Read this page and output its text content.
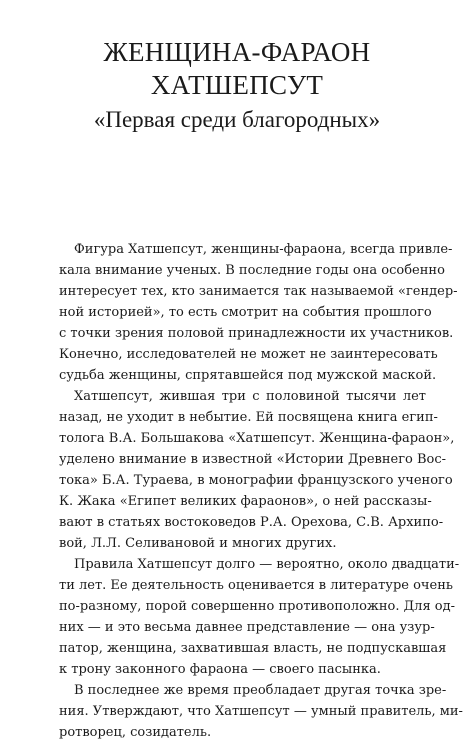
ЖЕНЩИНА-ФАРАОН
ХАТШЕПСУТ
«Первая среди благородных»

Фигура Хатшепсут, женщины-фараона, всегда привле-
кала внимание ученых. В последние годы она особенно
интересует тех, кто занимается так называемой «гендер-
ной историей», то есть смотрит на события прошлого
с точки зрения половой принадлежности их участников.
Конечно, исследователей не может не заинтересовать
судьба женщины, спрятавшейся под мужской маской.

Хатшепсут, жившая три с половиной тысячи лет
назад, не уходит в небытие. Ей посвящена книга егип-
толога В.А. Большакова «Хатшепсут. Женщина-фараон»,
уделено внимание в известной «Истории Древнего Вос-
тока» Б.А. Тураева, в монографии французского ученого
К. Жака «Египет великих фараонов», о ней рассказы-
вают в статьях востоковедов Р.А. Орехова, С.В. Архипо-
вой, Л.Л. Селивановой и многих других.

Правила Хатшепсут долго — вероятно, около двадцати-
ти лет. Ее деятельность оценивается в литературе очень
по-разному, порой совершенно противоположно. Для од-
них — и это весьма давнее представление — она узур-
патор, женщина, захватившая власть, не подпускавшая
к трону законного фараона — своего пасынка.

В последнее же время преобладает другая точка зре-
ния. Утверждают, что Хатшепсут — умный правитель, ми-
ротворец, созидатель.
